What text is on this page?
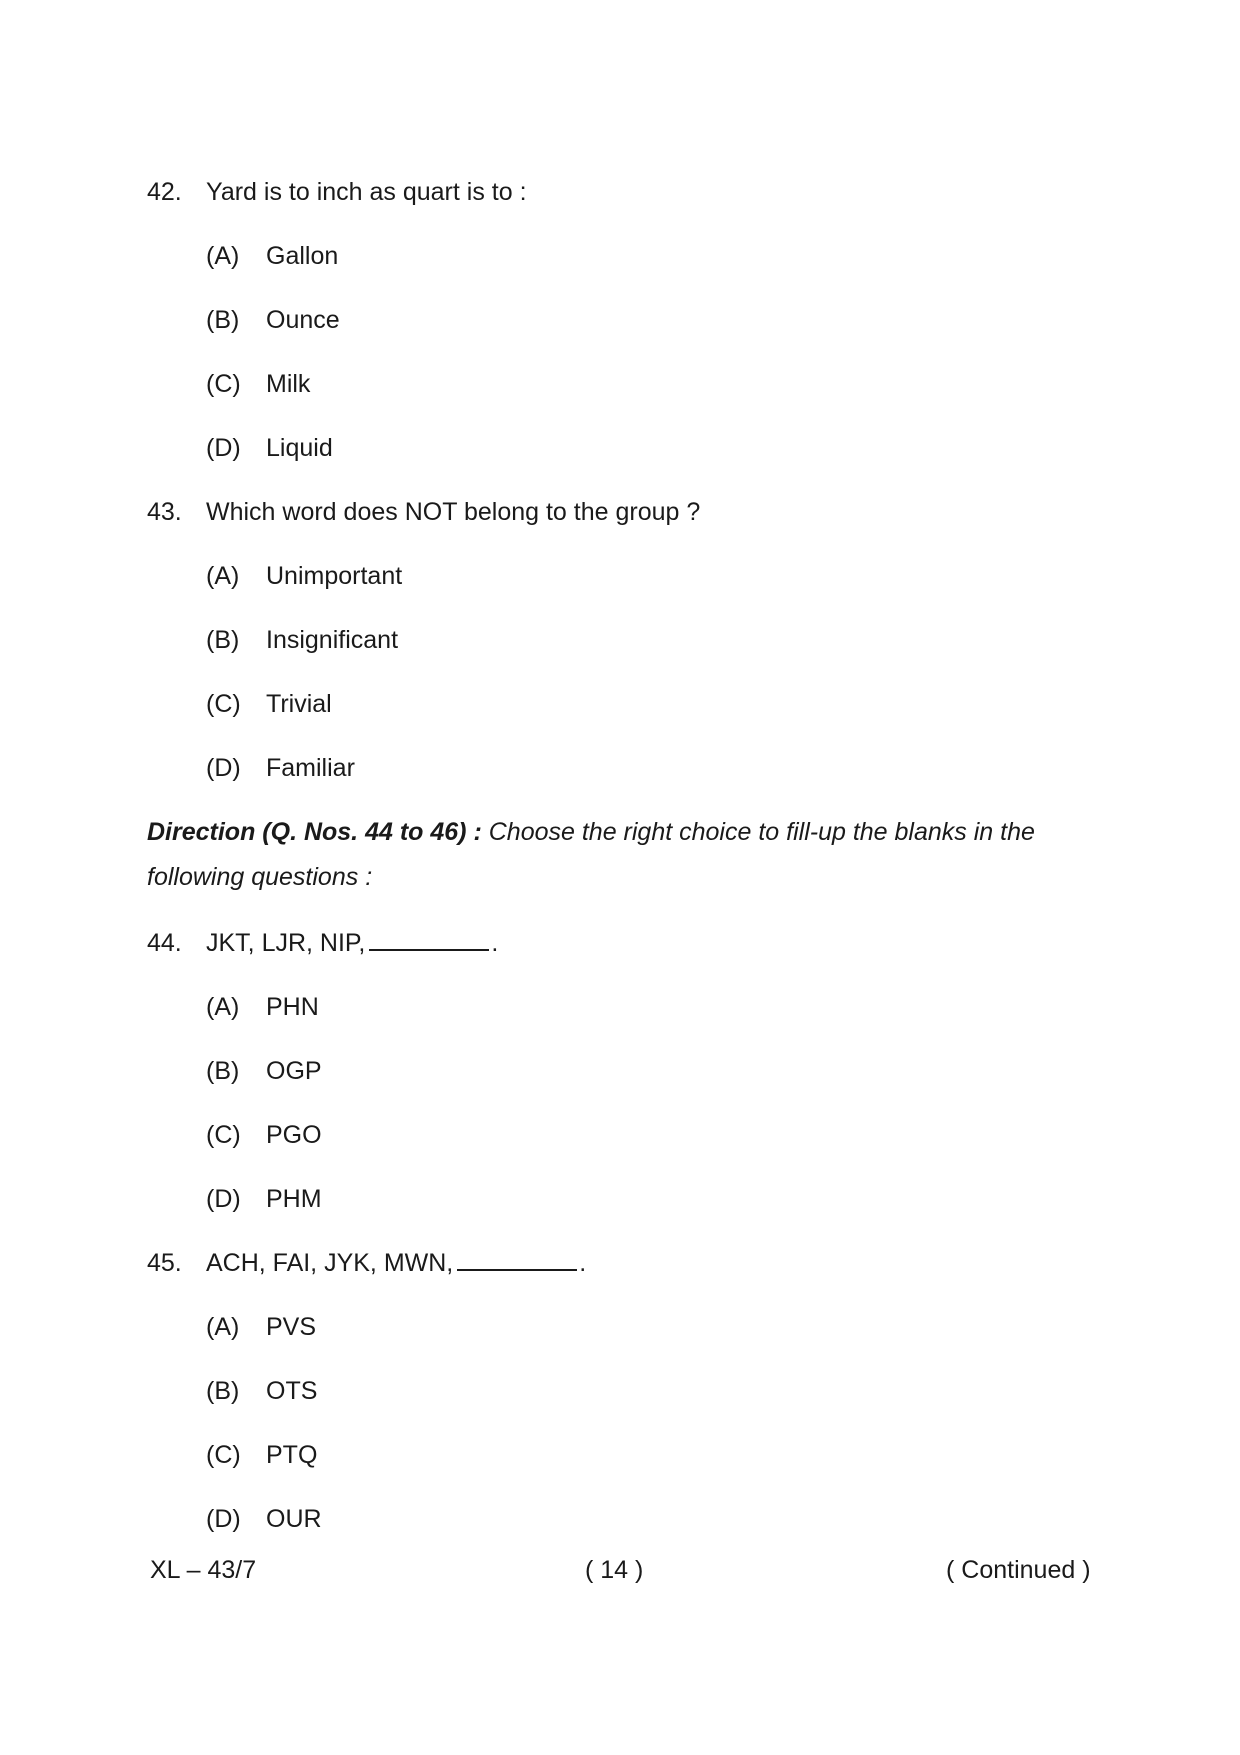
42. Yard is to inch as quart is to :
(A) Gallon
(B) Ounce
(C) Milk
(D) Liquid
43. Which word does NOT belong to the group ?
(A) Unimportant
(B) Insignificant
(C) Trivial
(D) Familiar
Direction (Q. Nos. 44 to 46) : Choose the right choice to fill-up the blanks in the following questions :
44. JKT, LJR, NIP,	.
(A) PHN
(B) OGP
(C) PGO
(D) PHM
45. ACH, FAI, JYK, MWN,	.
(A) PVS
(B) OTS
(C) PTQ
(D) OUR
XL – 43/7	( 14 )	( Continued )
